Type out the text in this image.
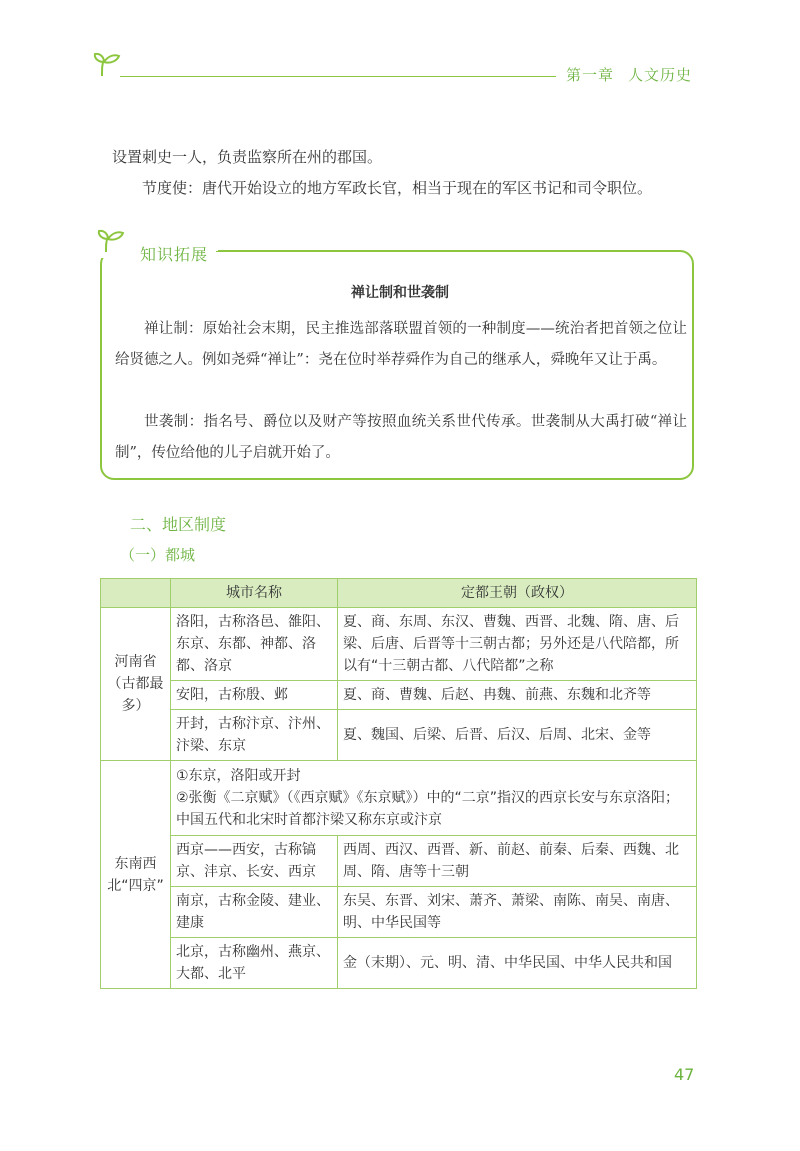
第一章 人文历史
设置刺史一人，负责监察所在州的郡国。
节度使：唐代开始设立的地方军政长官，相当于现在的军区书记和司令职位。
知识拓展
禅让制和世袭制
禅让制：原始社会末期，民主推选部落联盟首领的一种制度——统治者把首领之位让给贤德之人。例如尧舜“禅让”：尧在位时举荐舜作为自己的继承人，舜晚年又让于禹。
世袭制：指名号、爵位以及财产等按照血统关系世代传承。世袭制从大禹打破“禅让制”，传位给他的儿子启就开始了。
二、地区制度
（一）都城
	城市名称	定都王朝（政权）
河南省（古都最多）	洛阳，古称洛邑、雒阳、东京、东都、神都、洛都、洛京	夏、商、东周、东汉、曹魏、西晋、北魏、隋、唐、后梁、后唐、后晋等十三朝古都；另外还是八代陪都，所以有“十三朝古都、八代陪都”之称
	安阳，古称殷、邺	夏、商、曹魏、后赵、冉魏、前燕、东魏和北齐等
	开封，古称汴京、汴州、汴梁、东京	夏、魏国、后梁、后晋、后汉、后周、北宋、金等
东南西北“四京”	①东京，洛阳或开封
②张衡《二京赋》（《西京赋》《东京赋》）中的“二京”指汉的西京长安与东京洛阳；中国五代和北宋时首都汴梁又称东京或汴京	

	西京——西安，古称镐京、沣京、长安、西京	西周、西汉、西晋、新、前赵、前秦、后秦、西魏、北周、隋、唐等十三朝
	南京，古称金陵、建业、建康	东吴、东晋、刘宋、萧齐、萧梁、南陈、南吴、南唐、明、中华民国等
	北京，古称幽州、燕京、大都、北平	金（末期）、元、明、清、中华民国、中华人民共和国
47
